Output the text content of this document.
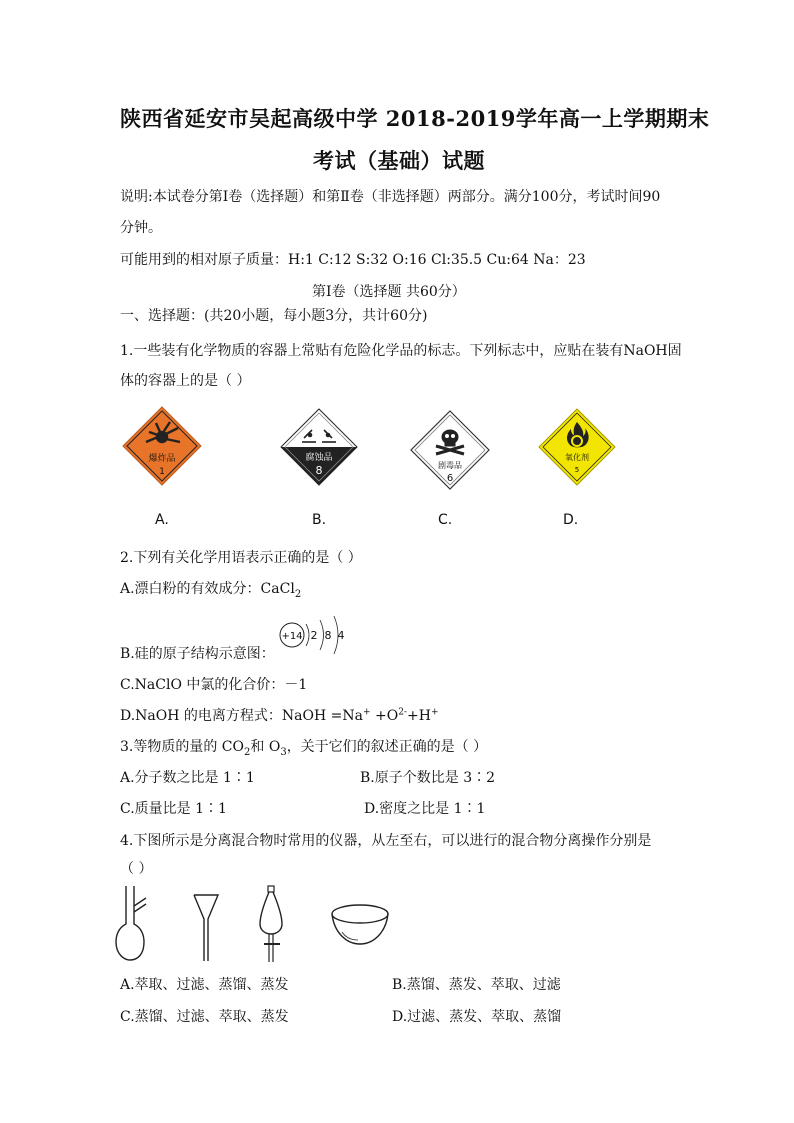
陕西省延安市吴起高级中学 2018-2019学年高一上学期期末
考试（基础）试题
说明:本试卷分第Ⅰ卷（选择题）和第Ⅱ卷（非选择题）两部分。满分100分，考试时间90
分钟。
可能用到的相对原子质量：H:1 C:12 S:32 O:16 Cl:35.5 Cu:64 Na：23
第Ⅰ卷（选择题 共60分）
一、选择题：(共20小题，每小题3分，共计60分)
1.一些装有化学物质的容器上常贴有危险化学品的标志。下列标志中，应贴在装有NaOH固
体的容器上的是（ ）
爆炸品
1
腐蚀品
8	剧毒品
6
氧化剂
5
A.	B.	C.	D.
2.下列有关化学用语表示正确的是（ ）
A.漂白粉的有效成分：CaCl$_2$
B.硅的原子结构示意图：
+14 2 8 4
C.NaClO 中氯的化合价：－1
D.NaOH 的电离方程式：NaOH $=Na^+ +O^{2-}+H^+$
3.等物质的量的 $CO_2$和 $O_3$，关于它们的叙述正确的是（ ）
A.分子数之比是 1∶1	B.原子个数比是 3∶2
C.质量比是 1∶1	D.密度之比是 1∶1
4.下图所示是分离混合物时常用的仪器，从左至右，可以进行的混合物分离操作分别是
（ ）
A.萃取、过滤、蒸馏、蒸发	B.蒸馏、蒸发、萃取、过滤
C.蒸馏、过滤、萃取、蒸发	D.过滤、蒸发、萃取、蒸馏
